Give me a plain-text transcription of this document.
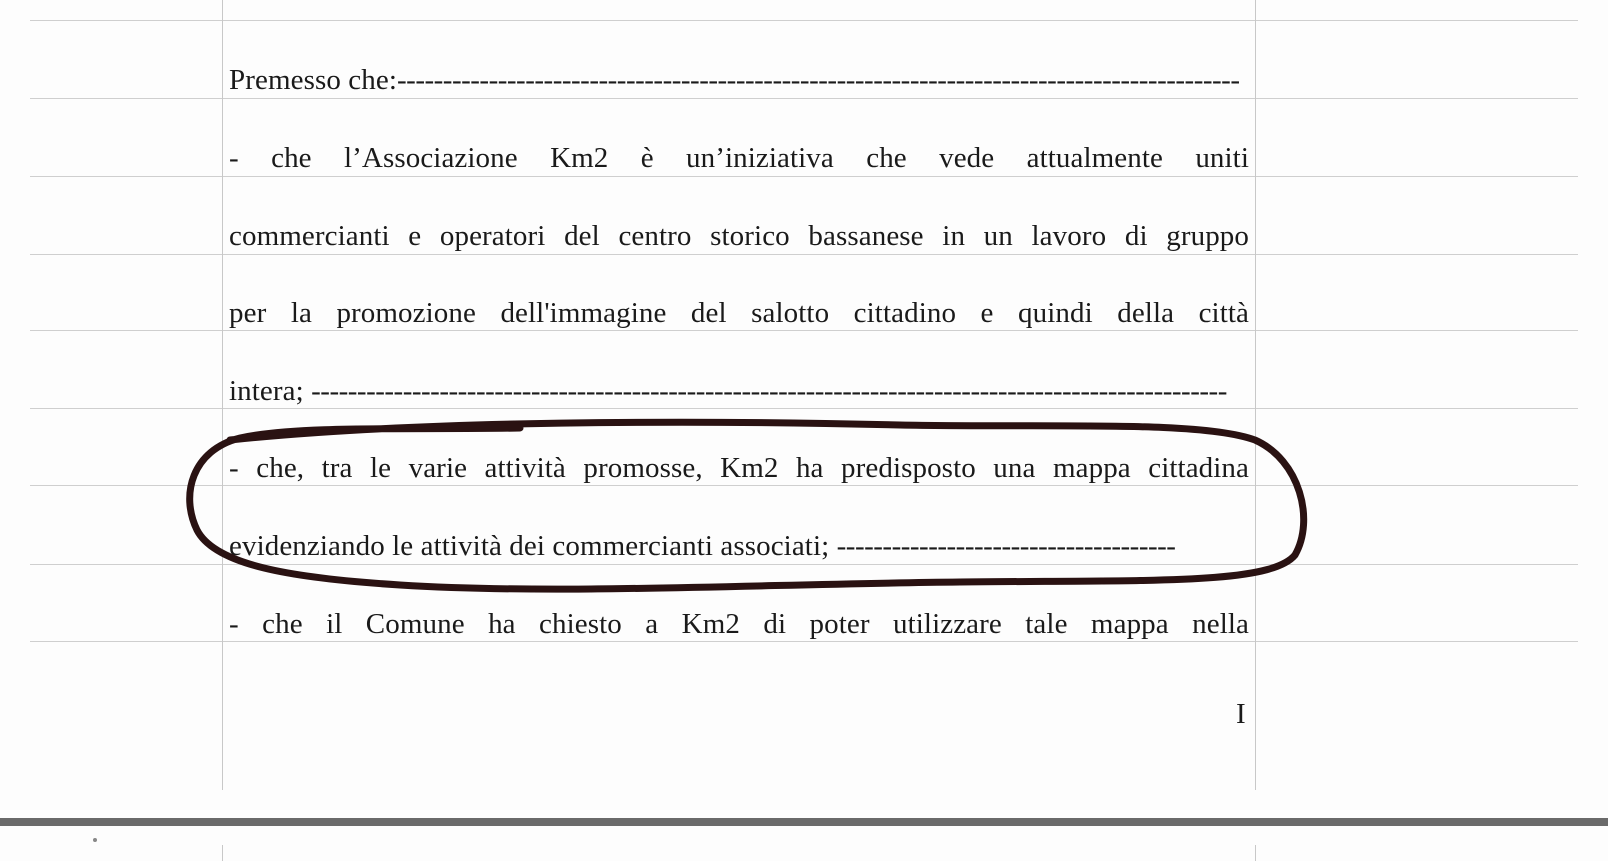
Premesso che:--------------------------------------------------------------------------------------------
- che l’Associazione Km2 è un’iniziativa che vede attualmente uniti
commercianti e operatori del centro storico bassanese in un lavoro di gruppo
per la promozione dell'immagine del salotto cittadino e quindi della città
intera; ----------------------------------------------------------------------------------------------------
- che, tra le varie attività promosse, Km2 ha predisposto una mappa cittadina
evidenziando le attività dei commercianti associati; -------------------------------------
- che il Comune ha chiesto a Km2 di poter utilizzare tale mappa nella
I
